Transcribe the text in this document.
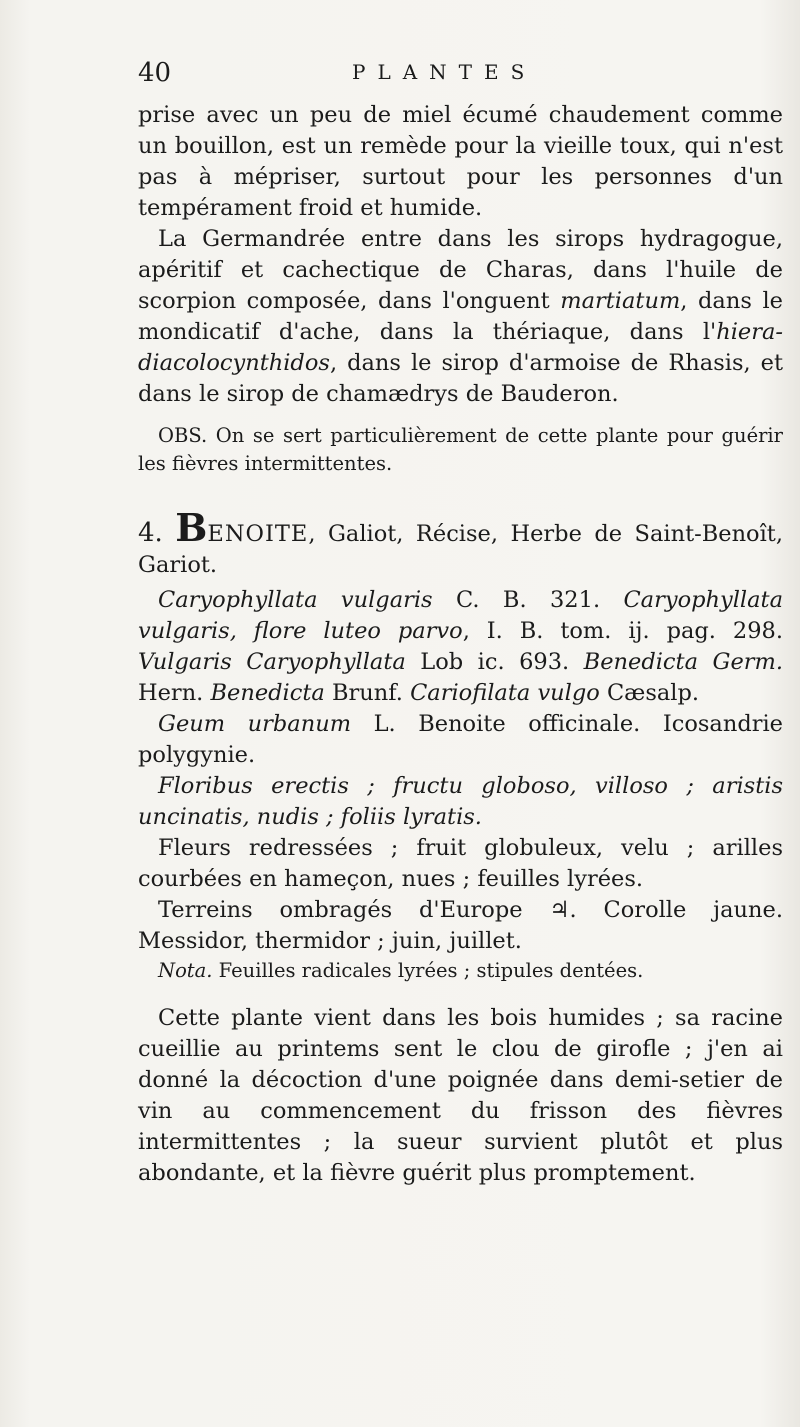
40	PLANTES

prise avec un peu de miel écumé chaudement comme un bouillon, est un remède pour la vieille toux, qui n'est pas à mépriser, surtout pour les personnes d'un tempérament froid et humide.

La Germandrée entre dans les sirops hydragogue, apéritif et cachectique de Charas, dans l'huile de scorpion composée, dans l'onguent martiatum, dans le mondicatif d'ache, dans la thériaque, dans l'hiera-diacolocynthidos, dans le sirop d'armoise de Rhasis, et dans le sirop de chamædrys de Bauderon.

OBS. On se sert particulièrement de cette plante pour guérir les fièvres intermittentes.

4. BENOITE, Galiot, Récise, Herbe de Saint-Benoît, Gariot.

Caryophyllata vulgaris C. B. 321. Caryophyllata vulgaris, flore luteo parvo, I. B. tom. ij. pag. 298. Vulgaris Caryophyllata Lob ic. 693. Benedicta Germ. Hern. Benedicta Brunf. Cariofilata vulgo Cæsalp.

Geum urbanum L. Benoite officinale. Icosandrie polygynie.

Floribus erectis ; fructu globoso, villoso ; aristis uncinatis, nudis ; foliis lyratis.

Fleurs redressées ; fruit globuleux, velu ; arilles courbées en hameçon, nues ; feuilles lyrées.

Terreins ombragés d'Europe ♃. Corolle jaune. Messidor, thermidor ; juin, juillet.

Nota. Feuilles radicales lyrées ; stipules dentées.

Cette plante vient dans les bois humides ; sa racine cueillie au printems sent le clou de girofle ; j'en ai donné la décoction d'une poignée dans demi-setier de vin au commencement du frisson des fièvres intermittentes ; la sueur survient plutôt et plus abondante, et la fièvre guérit plus promptement.
